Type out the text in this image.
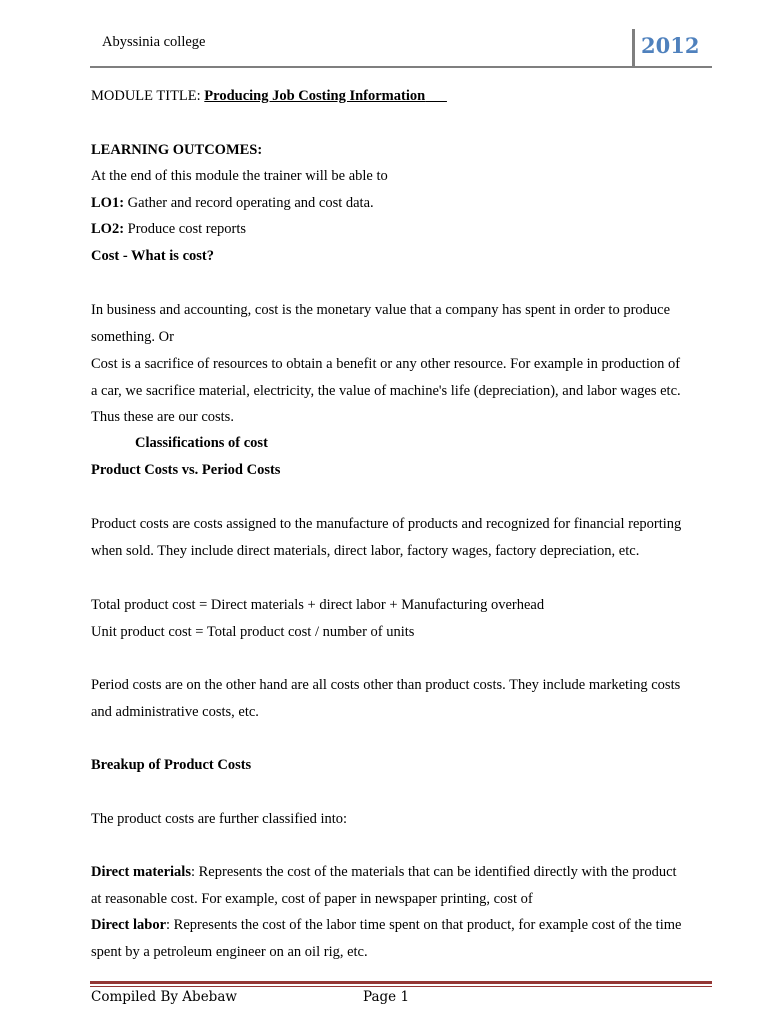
Abyssinia college	2012
MODULE TITLE: Producing Job Costing Information
LEARNING OUTCOMES:
At the end of this module the trainer will be able to
LO1: Gather and record operating and cost data.
LO2: Produce cost reports
Cost - What is cost?
In business and accounting, cost is the monetary value that a company has spent in order to produce
something. Or
Cost is a sacrifice of resources to obtain a benefit or any other resource. For example in production of
a car, we sacrifice material, electricity, the value of machine's life (depreciation), and labor wages etc.
Thus these are our costs.
Classifications of cost
Product Costs vs. Period Costs
Product costs are costs assigned to the manufacture of products and recognized for financial reporting
when sold. They include direct materials, direct labor, factory wages, factory depreciation, etc.
Total product cost = Direct materials + direct labor + Manufacturing overhead
Unit product cost = Total product cost / number of units
Period costs are on the other hand are all costs other than product costs. They include marketing costs
and administrative costs, etc.
Breakup of Product Costs
The product costs are further classified into:
Direct materials: Represents the cost of the materials that can be identified directly with the product
at reasonable cost. For example, cost of paper in newspaper printing, cost of
Direct labor: Represents the cost of the labor time spent on that product, for example cost of the time
spent by a petroleum engineer on an oil rig, etc.
Compiled By Abebaw	Page 1
